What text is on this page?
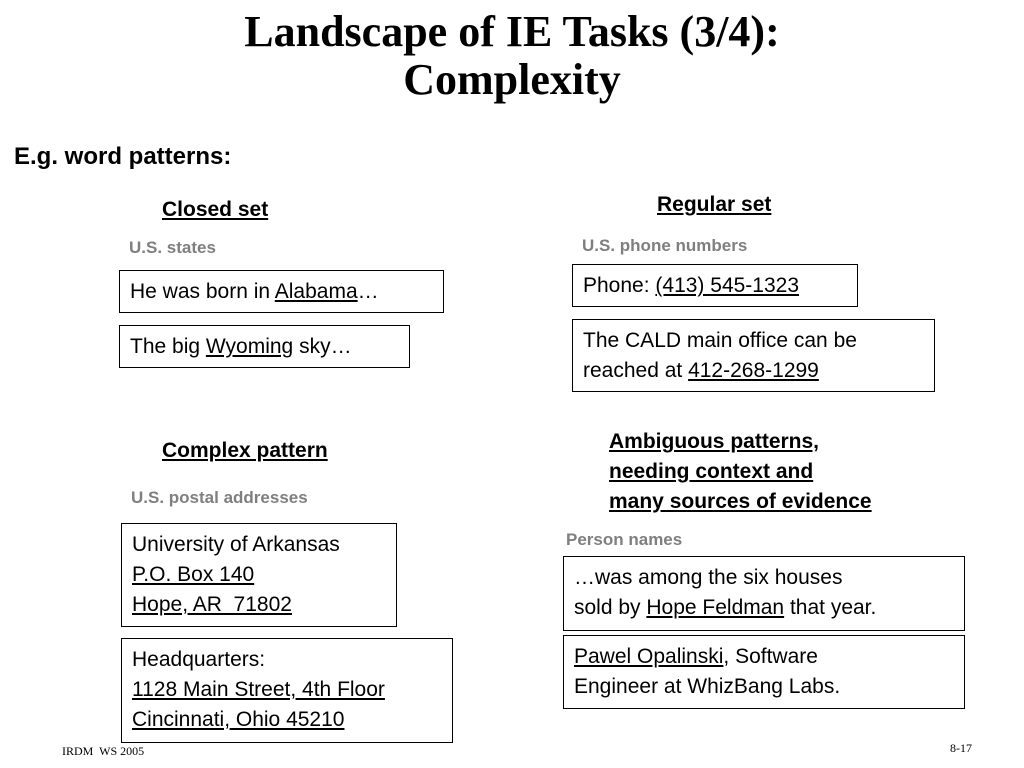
Landscape of IE Tasks (3/4):
Complexity
E.g. word patterns:
Closed set
U.S. states
He was born in Alabama…
The big Wyoming sky…
Regular set
U.S. phone numbers
Phone: (413) 545-1323
The CALD main office can be
reached at 412-268-1299
Complex pattern
U.S. postal addresses
University of Arkansas
P.O. Box 140
Hope, AR  71802
Headquarters:
1128 Main Street, 4th Floor
Cincinnati, Ohio 45210
Ambiguous patterns,
needing context and
many sources of evidence
Person names
…was among the six houses
sold by Hope Feldman that year.
Pawel Opalinski, Software
Engineer at WhizBang Labs.
IRDM  WS 2005	8-17
